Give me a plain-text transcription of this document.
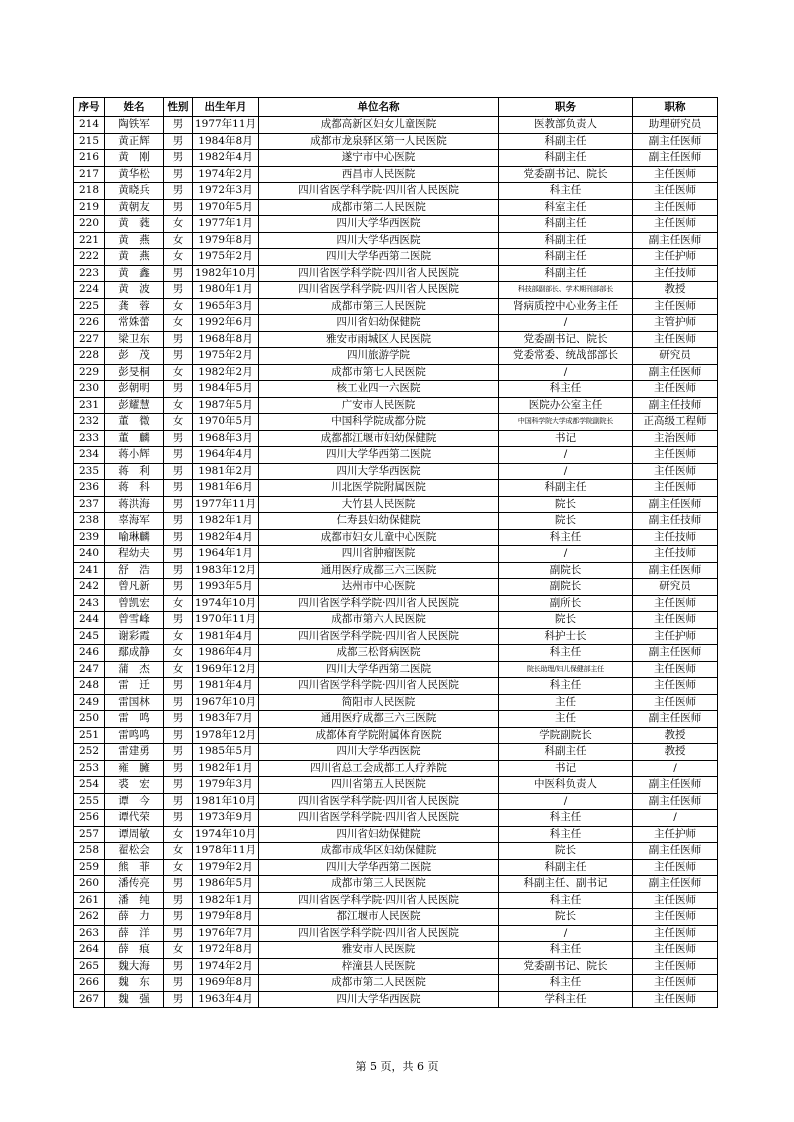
序号	姓名	性别	出生年月	单位名称	职务	职称
214	陶铁军	男	1977年11月	成都高新区妇女儿童医院	医教部负责人	助理研究员
215	黄正辉	男	1984年8月	成都市龙泉驿区第一人民医院	科副主任	副主任医师
216	黄　刚	男	1982年4月	遂宁市中心医院	科副主任	副主任医师
217	黄华松	男	1974年2月	西昌市人民医院	党委副书记、院长	主任医师
218	黄晓兵	男	1972年3月	四川省医学科学院·四川省人民医院	科主任	主任医师
219	黄朝友	男	1970年5月	成都市第二人民医院	科室主任	主任医师
220	黄　蕤	女	1977年1月	四川大学华西医院	科副主任	主任医师
221	黄　燕	女	1979年8月	四川大学华西医院	科副主任	副主任医师
222	黄　燕	女	1975年2月	四川大学华西第二医院	科副主任	主任护师
223	黄　鑫	男	1982年10月	四川省医学科学院·四川省人民医院	科副主任	主任技师
224	黄　波	男	1980年1月	四川省医学科学院·四川省人民医院	科技部副部长、学术期刊部部长	教授
225	龚　蓉	女	1965年3月	成都市第三人民医院	肾病质控中心业务主任	主任医师
226	常姝蕾	女	1992年6月	四川省妇幼保健院	/	主管护师
227	梁卫东	男	1968年8月	雅安市雨城区人民医院	党委副书记、院长	主任医师
228	彭　茂	男	1975年2月	四川旅游学院	党委常委、统战部部长	研究员
229	彭旻桐	女	1982年2月	成都市第七人民医院	/	副主任医师
230	彭朝明	男	1984年5月	核工业四一六医院	科主任	主任医师
231	彭耀慧	女	1987年5月	广安市人民医院	医院办公室主任	副主任技师
232	董　微	女	1970年5月	中国科学院成都分院	中国科学院大学成都学院副院长	正高级工程师
233	董　麟	男	1968年3月	成都都江堰市妇幼保健院	书记	主治医师
234	蒋小辉	男	1964年4月	四川大学华西第二医院	/	主任医师
235	蒋　利	男	1981年2月	四川大学华西医院	/	主任医师
236	蒋　科	男	1981年6月	川北医学院附属医院	科副主任	主任医师
237	蒋洪海	男	1977年11月	大竹县人民医院	院长	副主任医师
238	辜海军	男	1982年1月	仁寿县妇幼保健院	院长	副主任技师
239	喻琳麟	男	1982年4月	成都市妇女儿童中心医院	科主任	主任技师
240	程幼夫	男	1964年1月	四川省肿瘤医院	/	主任技师
241	舒　浩	男	1983年12月	通用医疗成都三六三医院	副院长	副主任医师
242	曾凡新	男	1993年5月	达州市中心医院	副院长	研究员
243	曾凯宏	女	1974年10月	四川省医学科学院·四川省人民医院	副所长	主任医师
244	曾雪峰	男	1970年11月	成都市第六人民医院	院长	主任医师
245	谢彩霞	女	1981年4月	四川省医学科学院·四川省人民医院	科护士长	主任护师
246	鄢成静	女	1986年4月	成都三松肾病医院	科主任	副主任医师
247	蒲　杰	女	1969年12月	四川大学华西第二医院	院长助理/妇儿保健部主任	主任医师
248	雷　迁	男	1981年4月	四川省医学科学院·四川省人民医院	科主任	主任医师
249	雷国林	男	1967年10月	简阳市人民医院	主任	主任医师
250	雷　鸣	男	1983年7月	通用医疗成都三六三医院	主任	副主任医师
251	雷鸣鸣	男	1978年12月	成都体育学院附属体育医院	学院副院长	教授
252	雷建勇	男	1985年5月	四川大学华西医院	科副主任	教授
253	雍　臃	男	1982年1月	四川省总工会成都工人疗养院	书记	/
254	裘　宏	男	1979年3月	四川省第五人民医院	中医科负责人	副主任医师
255	谭　今	男	1981年10月	四川省医学科学院·四川省人民医院	/	副主任医师
256	谭代荣	男	1973年9月	四川省医学科学院·四川省人民医院	科主任	/
257	谭周敏	女	1974年10月	四川省妇幼保健院	科主任	主任护师
258	翟松会	女	1978年11月	成都市成华区妇幼保健院	院长	副主任医师
259	熊　菲	女	1979年2月	四川大学华西第二医院	科副主任	主任医师
260	潘传亮	男	1986年5月	成都市第三人民医院	科副主任、副书记	副主任医师
261	潘　纯	男	1982年1月	四川省医学科学院·四川省人民医院	科主任	主任医师
262	薛　力	男	1979年8月	都江堰市人民医院	院长	主任医师
263	薛　洋	男	1976年7月	四川省医学科学院·四川省人民医院	/	主任医师
264	薛　痕	女	1972年8月	雅安市人民医院	科主任	主任医师
265	魏大海	男	1974年2月	梓潼县人民医院	党委副书记、院长	主任医师
266	魏　东	男	1969年8月	成都市第二人民医院	科主任	主任医师
267	魏　强	男	1963年4月	四川大学华西医院	学科主任	主任医师
第 5 页，共 6 页
